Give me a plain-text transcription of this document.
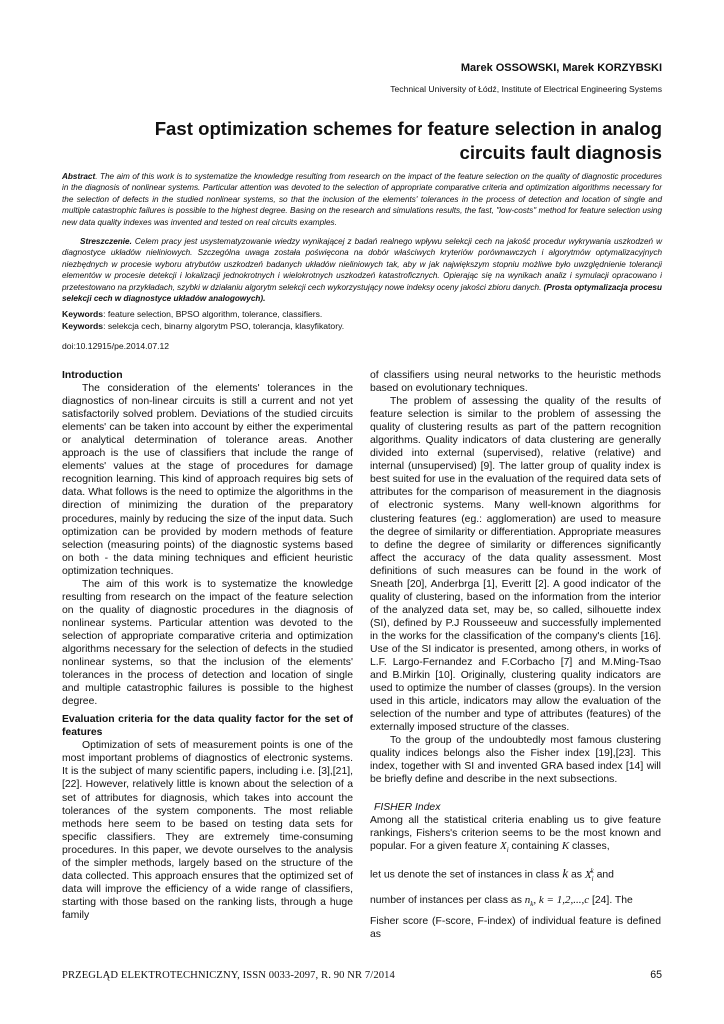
Marek OSSOWSKI, Marek KORZYBSKI
Technical University of Łódź, Institute of Electrical Engineering Systems
Fast optimization schemes for feature selection in analog
circuits fault diagnosis
Abstract. The aim of this work is to systematize the knowledge resulting from research on the impact of the feature selection on the quality of diagnostic procedures in the diagnosis of nonlinear systems. Particular attention was devoted to the selection of appropriate comparative criteria and optimization algorithms necessary for the selection of defects in the studied nonlinear systems, so that the inclusion of the elements' tolerances in the process of detection and location of single and multiple catastrophic failures is possible to the highest degree. Basing on the research and simulations results, the fast, "low-costs" method for feature selection using new data quality indexes was invented and tested on real circuits examples.
Streszczenie. Celem pracy jest usystematyzowanie wiedzy wynikającej z badań realnego wpływu selekcji cech na jakość procedur wykrywania uszkodzeń w diagnostyce układów nieliniowych. Szczególna uwaga została poświęcona na dobór właściwych kryteriów porównawczych i algorytmów optymalizacyjnych niezbędnych w procesie wyboru atrybutów uszkodzeń badanych układów nieliniowych tak, aby w jak największym stopniu możliwe było uwzględnienie tolerancji elementów w procesie detekcji i lokalizacji jednokrotnych i wielokrotnych uszkodzeń katastroficznych. Opierając się na wynikach analiz i symulacji opracowano i przetestowano na przykładach, szybki w działaniu algorytm selekcji cech wykorzystujący nowe indeksy oceny jakości zbioru danych. (Prosta optymalizacja procesu selekcji cech w diagnostyce układów analogowych).
Keywords: feature selection, BPSO algorithm, tolerance, classifiers.
Keywords: selekcja cech, binarny algorytm PSO, tolerancja, klasyfikatory.
doi:10.12915/pe.2014.07.12

Introduction

The consideration of the elements' tolerances in the diagnostics of non-linear circuits is still a current and not yet satisfactorily solved problem. Deviations of the studied circuits elements' can be taken into account by either the experimental or analytical determination of tolerance areas. Another approach is the use of classifiers that include the range of elements' values at the stage of procedures for damage recognition learning. This kind of approach requires big sets of data. What follows is the need to optimize the algorithms in the direction of minimizing the duration of the preparatory procedures, mainly by reducing the size of the input data. Such optimization can be provided by modern methods of feature selection (measuring points) of the diagnostic systems based on both - the data mining techniques and efficient heuristic optimization techniques.

The aim of this work is to systematize the knowledge resulting from research on the impact of the feature selection on the quality of diagnostic procedures in the diagnosis of nonlinear systems. Particular attention was devoted to the selection of appropriate comparative criteria and optimization algorithms necessary for the selection of defects in the studied nonlinear systems, so that the inclusion of the elements' tolerances in the process of detection and location of single and multiple catastrophic failures is possible to the highest degree.

Evaluation criteria for the data quality factor for the set of features

Optimization of sets of measurement points is one of the most important problems of diagnostics of electronic systems. It is the subject of many scientific papers, including i.e. [3],[21],[22]. However, relatively little is known about the selection of a set of attributes for diagnosis, which takes into account the tolerances of the system components. The most reliable methods here seem to be based on testing data sets for specific classifiers. They are extremely time-consuming procedures. In this paper, we devote ourselves to the analysis of the simpler methods, largely based on the structure of the data collected. This approach ensures that the optimized set of data will improve the efficiency of a wide range of classifiers, starting with those based on the ranking lists, through a huge family

of classifiers using neural networks to the heuristic methods based on evolutionary techniques.

The problem of assessing the quality of the results of feature selection is similar to the problem of assessing the quality of clustering results as part of the pattern recognition algorithms. Quality indicators of data clustering are generally divided into external (supervised), relative (relative) and internal (unsupervised) [9]. The latter group of quality index is best suited for use in the evaluation of the required data sets of attributes for the comparison of measurement in the diagnosis of electronic systems. Many well-known algorithms for clustering features (eg.: agglomeration) are used to measure the degree of similarity or differentiation. Appropriate measures to define the degree of similarity or differences significantly affect the accuracy of the data quality assessment. Most definitions of such measures can be found in the work of Sneath [20], Anderbrga [1], Everitt [2]. A good indicator of the quality of clustering, based on the information from the interior of the analyzed data set, may be, so called, silhouette index (SI), defined by P.J Rousseeuw and successfully implemented in the works for the classification of the company's clients [16]. Use of the SI indicator is presented, among others, in works of L.F. Largo-Fernandez and F.Corbacho [7] and M.Ming-Tsao and B.Mirkin [10]. Originally, clustering quality indicators are used to optimize the number of classes (groups). In the version used in this article, indicators may allow the evaluation of the selection of the number and type of attributes (features) of the externally imposed structure of the classes.

To the group of the undoubtedly most famous clustering quality indices belongs also the Fisher index [19],[23]. This index, together with SI and invented GRA based index [14] will be briefly define and describe in the next subsections.

FISHER Index

Among all the statistical criteria enabling us to give feature rankings, Fishers's criterion seems to be the most known and popular. For a given feature $X_i$ containing K classes,

let us denote the set of instances in class k as $X_i^k$ and

number of instances per class as $n_k$, k = 1,2,...,c [24]. The

Fisher score (F-score, F-index) of individual feature is defined as

PRZEGLĄD ELEKTROTECHNICZNY, ISSN 0033-2097, R. 90 NR 7/2014	65
